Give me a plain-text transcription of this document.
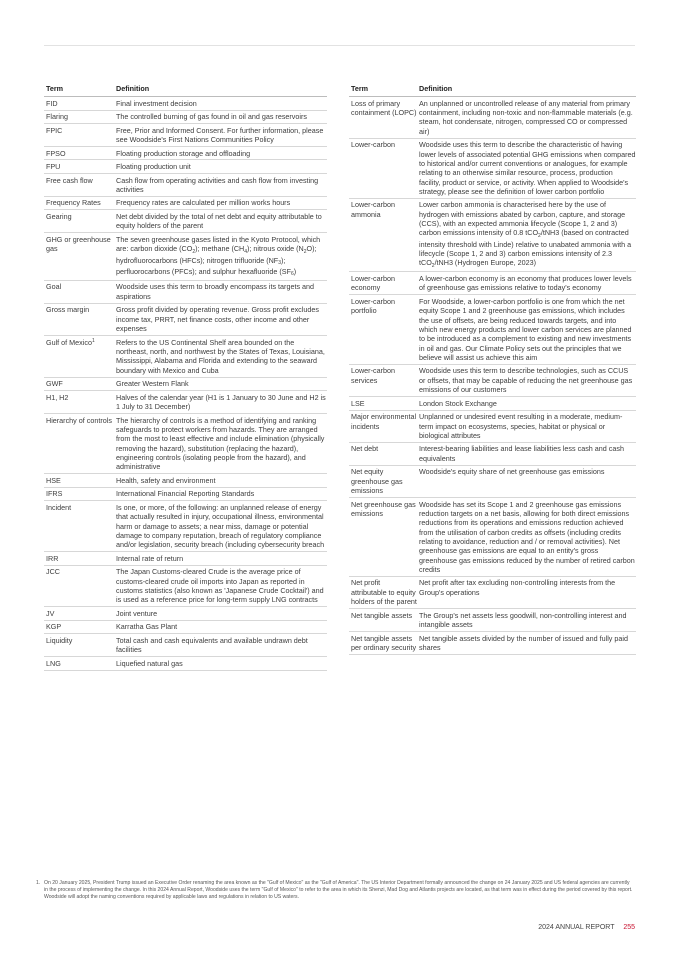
Term	Definition
FID	Final investment decision
Flaring	The controlled burning of gas found in oil and gas reservoirs
FPIC	Free, Prior and Informed Consent. For further information, please see Woodside's First Nations Communities Policy
FPSO	Floating production storage and offloading
FPU	Floating production unit
Free cash flow	Cash flow from operating activities and cash flow from investing activities
Frequency Rates	Frequency rates are calculated per million works hours
Gearing	Net debt divided by the total of net debt and equity attributable to equity holders of the parent
GHG or greenhouse gas	The seven greenhouse gases listed in the Kyoto Protocol, which are: carbon dioxide $(CO_2)$; methane $(CH_4)$; nitrous oxide $(N_2O)$; hydrofluorocarbons (HFCs); nitrogen trifluoride $(NF_3)$; perfluorocarbons (PFCs); and sulphur hexafluoride $(SF_6)$
Goal	Woodside uses this term to broadly encompass its targets and aspirations
Gross margin	Gross profit divided by operating revenue. Gross profit excludes income tax, PRRT, net finance costs, other income and other expenses
Gulf of Mexico$^1$	Refers to the US Continental Shelf area bounded on the northeast, north, and northwest by the States of Texas, Louisiana, Mississippi, Alabama and Florida and extending to the seaward boundary with Mexico and Cuba
GWF	Greater Western Flank
H1, H2	Halves of the calendar year (H1 is 1 January to 30 June and H2 is 1 July to 31 December)
Hierarchy of controls	The hierarchy of controls is a method of identifying and ranking safeguards to protect workers from hazards. They are arranged from the most to least effective and include elimination (physically removing the hazard), substitution (replacing the hazard), engineering controls (isolating people from the hazard), and administrative
HSE	Health, safety and environment
IFRS	International Financial Reporting Standards
Incident	Is one, or more, of the following: an unplanned release of energy that actually resulted in injury, occupational illness, environmental harm or damage to assets; a near miss, damage or potential damage to company reputation, breach of regulatory compliance and/or legislation, security breach (including cybersecurity breach
IRR	Internal rate of return
JCC	The Japan Customs-cleared Crude is the average price of customs-cleared crude oil imports into Japan as reported in customs statistics (also known as 'Japanese Crude Cocktail') and is used as a reference price for long-term supply LNG contracts
JV	Joint venture
KGP	Karratha Gas Plant
Liquidity	Total cash and cash equivalents and available undrawn debt facilities
LNG	Liquefied natural gas
Term	Definition
Loss of primary containment (LOPC)	An unplanned or uncontrolled release of any material from primary containment, including non-toxic and non-flammable materials (e.g. steam, hot condensate, nitrogen, compressed CO or compressed air)
Lower-carbon	Woodside uses this term to describe the characteristic of having lower levels of associated potential GHG emissions when compared to historical and/or current conventions or analogues, for example relating to an otherwise similar resource, process, production facility, product or service, or activity. When applied to Woodside's strategy, please see the definition of lower carbon portfolio
Lower-carbon ammonia	Lower carbon ammonia is characterised here by the use of hydrogen with emissions abated by carbon, capture, and storage (CCS), with an expected ammonia lifecycle (Scope 1, 2 and 3) carbon emissions intensity of 0.8 tCO$_2$/tNH3 (based on contracted intensity threshold with Linde) relative to unabated ammonia with a lifecycle (Scope 1, 2 and 3) carbon emissions intensity of 2.3 tCO$_2$/tNH3 (Hydrogen Europe, 2023)
Lower-carbon economy	A lower-carbon economy is an economy that produces lower levels of greenhouse gas emissions relative to today's economy
Lower-carbon portfolio	For Woodside, a lower-carbon portfolio is one from which the net equity Scope 1 and 2 greenhouse gas emissions, which includes the use of offsets, are being reduced towards targets, and into which new energy products and lower carbon services are planned to be introduced as a complement to existing and new investments in oil and gas. Our Climate Policy sets out the principles that we believe will assist us achieve this aim
Lower-carbon services	Woodside uses this term to describe technologies, such as CCUS or offsets, that may be capable of reducing the net greenhouse gas emissions of our customers
LSE	London Stock Exchange
Major environmental incidents	Unplanned or undesired event resulting in a moderate, medium-term impact on ecosystems, species, habitat or physical or biological attributes
Net debt	Interest-bearing liabilities and lease liabilities less cash and cash equivalents
Net equity greenhouse gas emissions	Woodside's equity share of net greenhouse gas emissions
Net greenhouse gas emissions	Woodside has set its Scope 1 and 2 greenhouse gas emissions reduction targets on a net basis, allowing for both direct emissions reductions from its operations and emissions reduction achieved from the utilisation of carbon credits as offsets (including credits relating to avoidance, reduction and / or removal activities). Net greenhouse gas emissions are equal to an entity's gross greenhouse gas emissions reduced by the number of retired carbon credits
Net profit attributable to equity holders of the parent	Net profit after tax excluding non-controlling interests from the Group's operations
Net tangible assets	The Group's net assets less goodwill, non-controlling interest and intangible assets
Net tangible assets per ordinary security	Net tangible assets divided by the number of issued and fully paid shares
1. On 20 January 2025, President Trump issued an Executive Order renaming the area known as the "Gulf of Mexico" as the "Gulf of America". The US Interior Department formally announced the change on 24 January 2025 and US federal agencies are currently in the process of implementing the change. In this 2024 Annual Report, Woodside uses the term "Gulf of Mexico" to refer to the area in which its Shenzi, Mad Dog and Atlantis projects are located, as that term was in effect during the period covered by this report. Woodside will adopt the naming conventions required by applicable laws and regulations in relation to US waters.
2024 ANNUAL REPORT 255
